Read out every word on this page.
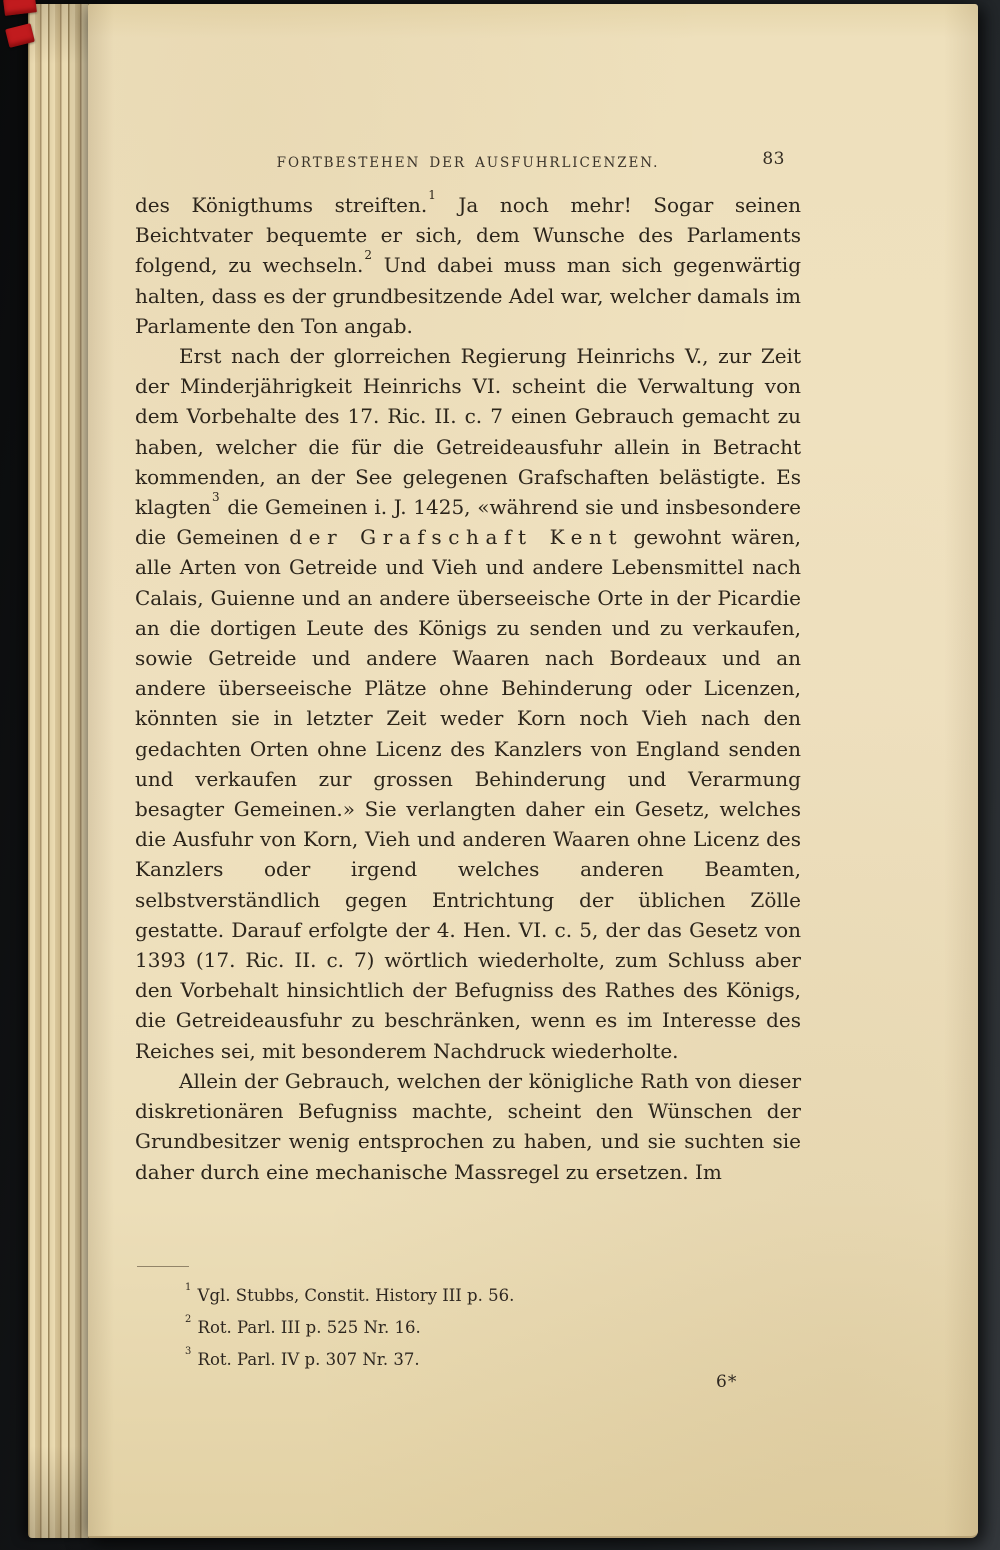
FORTBESTEHEN DER AUSFUHRLICENZEN.	83

des Königthums streiften.$^1$ Ja noch mehr! Sogar seinen Beichtvater bequemte er sich, dem Wunsche des Parlaments folgend, zu wechseln.$^2$ Und dabei muss man sich gegenwärtig halten, dass es der grundbesitzende Adel war, welcher damals im Parlamente den Ton angab.

Erst nach der glorreichen Regierung Heinrichs V., zur Zeit der Minderjährigkeit Heinrichs VI. scheint die Verwaltung von dem Vorbehalte des 17. Ric. II. c. 7 einen Gebrauch gemacht zu haben, welcher die für die Getreideausfuhr allein in Betracht kommenden, an der See gelegenen Grafschaften belästigte. Es klagten$^3$ die Gemeinen i. J. 1425, «während sie und insbesondere die Gemeinen der Grafschaft Kent gewohnt wären, alle Arten von Getreide und Vieh und andere Lebensmittel nach Calais, Guienne und an andere überseeische Orte in der Picardie an die dortigen Leute des Königs zu senden und zu verkaufen, sowie Getreide und andere Waaren nach Bordeaux und an andere überseeische Plätze ohne Behinderung oder Licenzen, könnten sie in letzter Zeit weder Korn noch Vieh nach den gedachten Orten ohne Licenz des Kanzlers von England senden und verkaufen zur grossen Behinderung und Verarmung besagter Gemeinen.» Sie verlangten daher ein Gesetz, welches die Ausfuhr von Korn, Vieh und anderen Waaren ohne Licenz des Kanzlers oder irgend welches anderen Beamten, selbstverständlich gegen Entrichtung der üblichen Zölle gestatte. Darauf erfolgte der 4. Hen. VI. c. 5, der das Gesetz von 1393 (17. Ric. II. c. 7) wörtlich wiederholte, zum Schluss aber den Vorbehalt hinsichtlich der Befugniss des Rathes des Königs, die Getreideausfuhr zu beschränken, wenn es im Interesse des Reiches sei, mit besonderem Nachdruck wiederholte.

Allein der Gebrauch, welchen der königliche Rath von dieser diskretionären Befugniss machte, scheint den Wünschen der Grundbesitzer wenig entsprochen zu haben, und sie suchten sie daher durch eine mechanische Massregel zu ersetzen. Im

$^1$ Vgl. Stubbs, Constit. History III p. 56.
$^2$ Rot. Parl. III p. 525 Nr. 16.
$^3$ Rot. Parl. IV p. 307 Nr. 37.
6*
